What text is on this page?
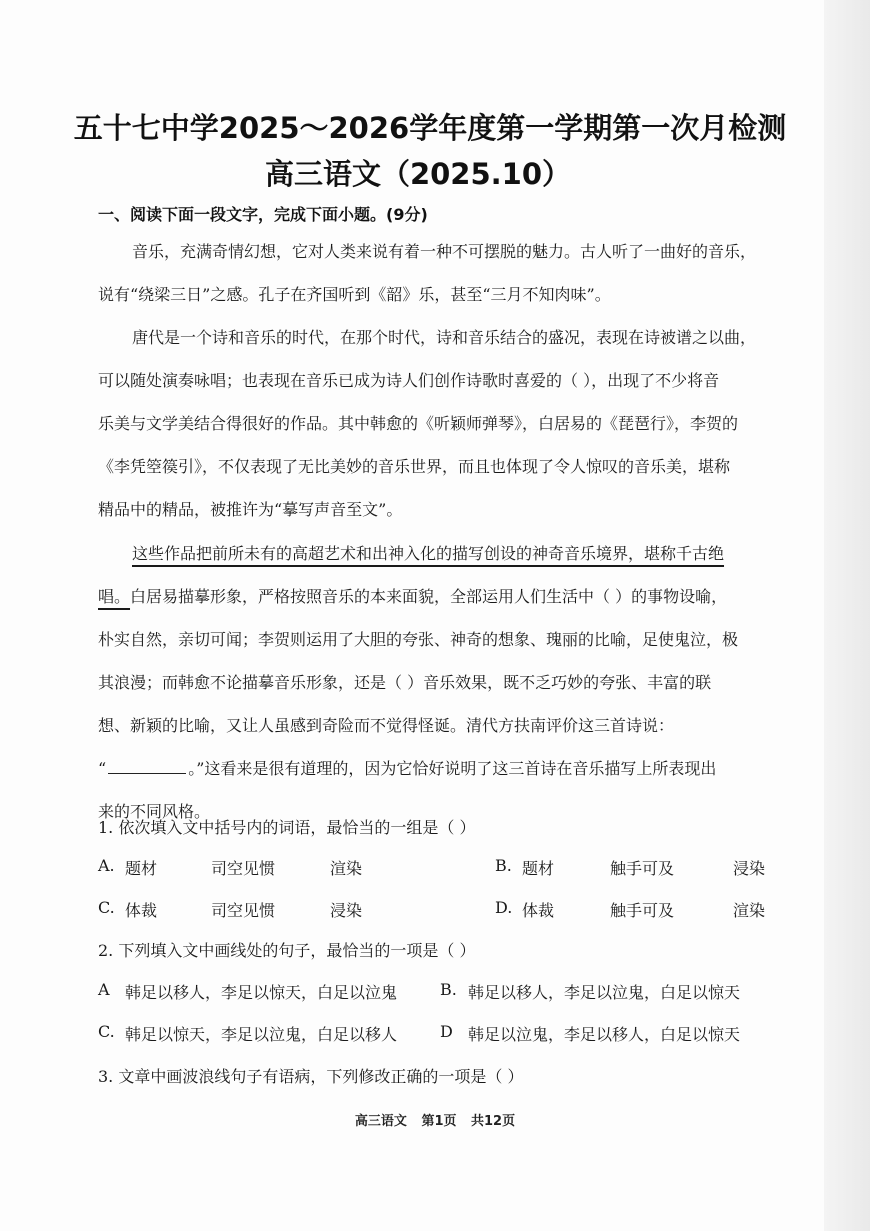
五十七中学2025～2026学年度第一学期第一次月检测
高三语文（2025.10）
一、阅读下面一段文字，完成下面小题。(9分)
音乐，充满奇情幻想，它对人类来说有着一种不可摆脱的魅力。古人听了一曲好的音乐，
说有“绕梁三日”之感。孔子在齐国听到《韶》乐，甚至“三月不知肉味”。
唐代是一个诗和音乐的时代，在那个时代，诗和音乐结合的盛况，表现在诗被谱之以曲，
可以随处演奏咏唱；也表现在音乐已成为诗人们创作诗歌时喜爱的（ ），出现了不少将音
乐美与文学美结合得很好的作品。其中韩愈的《听颖师弹琴》，白居易的《琵琶行》，李贺的
《李凭箜篌引》，不仅表现了无比美妙的音乐世界，而且也体现了令人惊叹的音乐美，堪称
精品中的精品，被推许为“摹写声音至文”。
这些作品把前所未有的高超艺术和出神入化的描写创设的神奇音乐境界，堪称千古绝
唱。白居易描摹形象，严格按照音乐的本来面貌，全部运用人们生活中（ ）的事物设喻，
朴实自然，亲切可闻；李贺则运用了大胆的夸张、神奇的想象、瑰丽的比喻，足使鬼泣，极
其浪漫；而韩愈不论描摹音乐形象，还是（ ）音乐效果，既不乏巧妙的夸张、丰富的联
想、新颖的比喻，又让人虽感到奇险而不觉得怪诞。清代方扶南评价这三首诗说：
“	。”这看来是很有道理的，因为它恰好说明了这三首诗在音乐描写上所表现出
来的不同风格。
1. 依次填入文中括号内的词语，最恰当的一组是（ ）
A. 题材	司空见惯	渲染	B. 题材	触手可及	浸染
C. 体裁	司空见惯	浸染	D. 体裁	触手可及	渲染
2. 下列填入文中画线处的句子，最恰当的一项是（ ）
A 韩足以移人，李足以惊天，白足以泣鬼	B. 韩足以移人，李足以泣鬼，白足以惊天
C. 韩足以惊天，李足以泣鬼，白足以移人	D 韩足以泣鬼，李足以移人，白足以惊天
3. 文章中画波浪线句子有语病，下列修改正确的一项是（ ）
高三语文 第1页 共12页
